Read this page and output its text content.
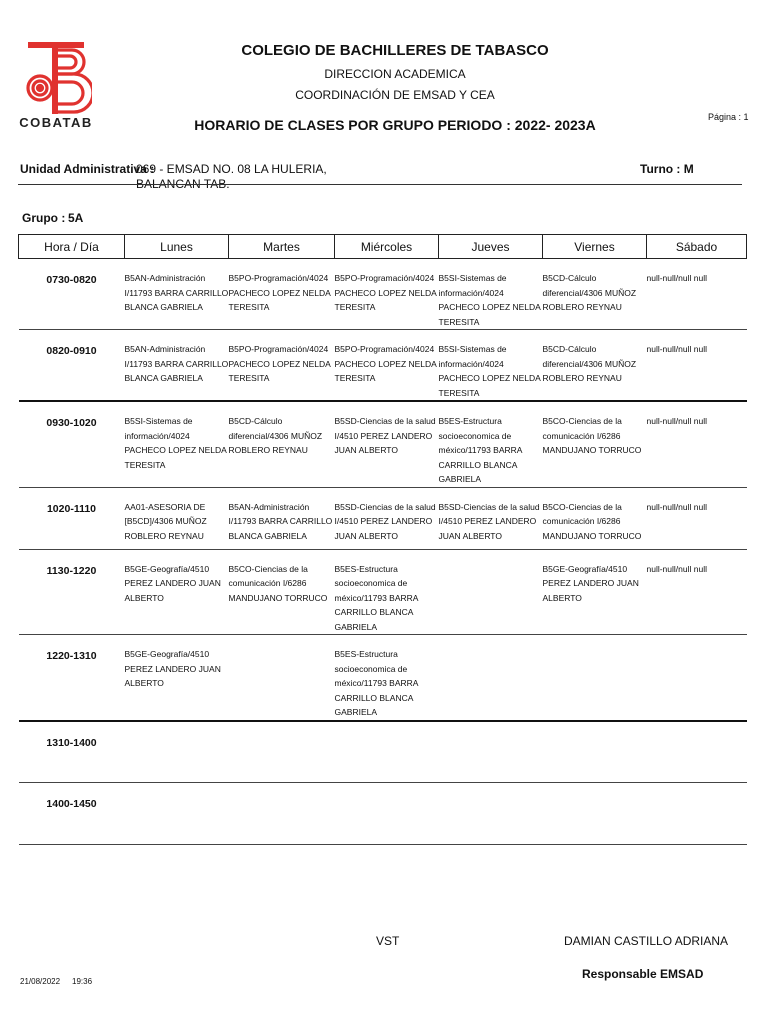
COBATAB
COLEGIO DE BACHILLERES DE TABASCO
DIRECCION ACADEMICA
COORDINACIÓN DE EMSAD Y CEA
HORARIO DE CLASES POR GRUPO PERIODO : 2022- 2023A	Página : 1
Unidad Administrativa :
069 - EMSAD NO. 08 LA HULERIA, BALANCAN TAB.
Turno : M
Grupo : 5A
Hora / Día	Lunes	Martes	Miércoles	Jueves	Viernes	Sábado
0730-0820	B5AN-Administración I/11793 BARRA CARRILLO BLANCA GABRIELA	B5PO-Programación/4024 PACHECO LOPEZ NELDA TERESITA	B5PO-Programación/4024 PACHECO LOPEZ NELDA TERESITA	B5SI-Sistemas de información/4024 PACHECO LOPEZ NELDA TERESITA	B5CD-Cálculo diferencial/4306 MUÑOZ ROBLERO REYNAU	null-null/null null

0820-0910	B5AN-Administración I/11793 BARRA CARRILLO BLANCA GABRIELA	B5PO-Programación/4024 PACHECO LOPEZ NELDA TERESITA	B5PO-Programación/4024 PACHECO LOPEZ NELDA TERESITA	B5SI-Sistemas de información/4024 PACHECO LOPEZ NELDA TERESITA	B5CD-Cálculo diferencial/4306 MUÑOZ ROBLERO REYNAU	null-null/null null

0930-1020	B5SI-Sistemas de información/4024 PACHECO LOPEZ NELDA TERESITA	B5CD-Cálculo diferencial/4306 MUÑOZ ROBLERO REYNAU	B5SD-Ciencias de la salud I/4510 PEREZ LANDERO JUAN ALBERTO	B5ES-Estructura socioeconomica de méxico/11793 BARRA CARRILLO BLANCA GABRIELA	B5CO-Ciencias de la comunicación I/6286 MANDUJANO TORRUCO	null-null/null null

1020-1110	AA01-ASESORIA DE [B5CD]/4306 MUÑOZ ROBLERO REYNAU	B5AN-Administración I/11793 BARRA CARRILLO BLANCA GABRIELA	B5SD-Ciencias de la salud I/4510 PEREZ LANDERO JUAN ALBERTO	B5SD-Ciencias de la salud I/4510 PEREZ LANDERO JUAN ALBERTO	B5CO-Ciencias de la comunicación I/6286 MANDUJANO TORRUCO	null-null/null null

1130-1220	B5GE-Geografía/4510 PEREZ LANDERO JUAN ALBERTO	B5CO-Ciencias de la comunicación I/6286 MANDUJANO TORRUCO	B5ES-Estructura socioeconomica de méxico/11793 BARRA CARRILLO BLANCA GABRIELA		B5GE-Geografía/4510 PEREZ LANDERO JUAN ALBERTO	null-null/null null

1220-1310	B5GE-Geografía/4510 PEREZ LANDERO JUAN ALBERTO		B5ES-Estructura socioeconomica de méxico/11793 BARRA CARRILLO BLANCA GABRIELA			

1310-1400						
1400-1450						
VST	DAMIAN CASTILLO ADRIANA
Responsable EMSAD
21/08/2022 19:36
